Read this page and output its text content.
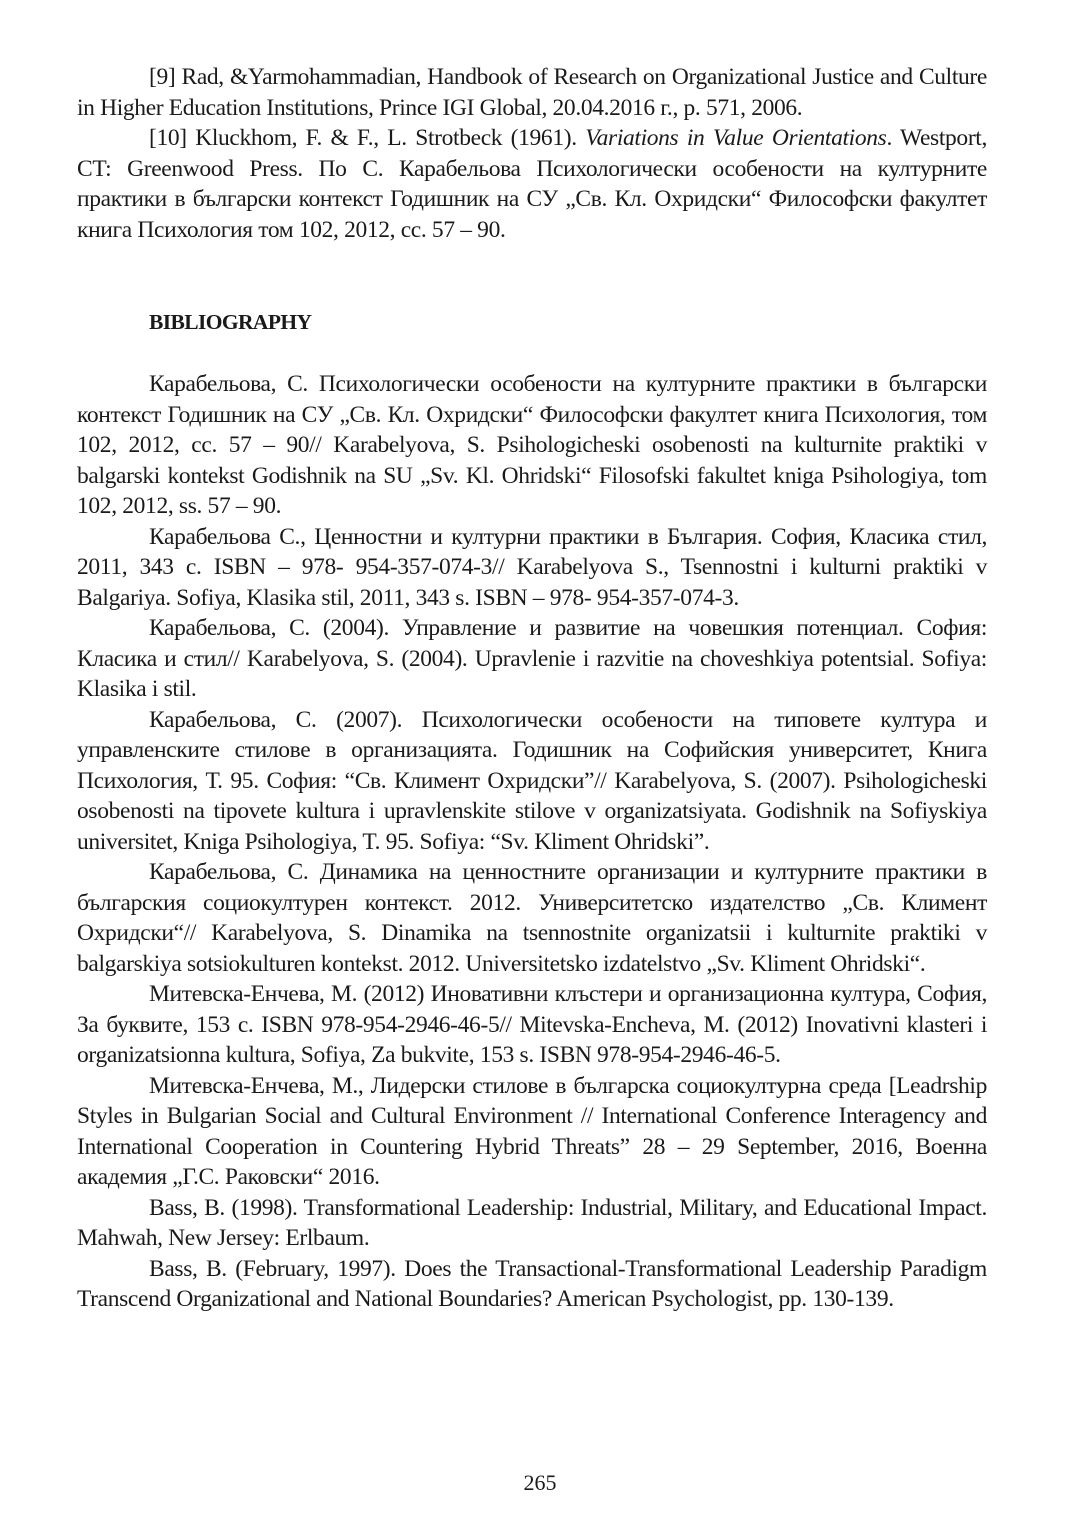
[9] Rad, &Yarmohammadian, Handbook of Research on Organizational Justice and Culture in Higher Education Institutions, Prince IGI Global, 20.04.2016 г., p. 571, 2006.

[10] Kluckhom, F. & F., L. Strotbeck (1961). Variations in Value Orientations. Westport, CT: Greenwood Press. По С. Карабельова Психологически особености на културните практики в български контекст Годишник на СУ „Св. Кл. Охридски“ Философски факултет книга Психология том 102, 2012, сс. 57 – 90.

BIBLIOGRAPHY

Карабельова, С. Психологически особености на културните практики в български контекст Годишник на СУ „Св. Кл. Охридски“ Философски факултет книга Психология, том 102, 2012, сс. 57 – 90// Karabelyova, S. Psihologicheski osobenosti na kulturnite praktiki v balgarski kontekst Godishnik na SU „Sv. Kl. Ohridski“ Filosofski fakultet kniga Psihologiya, tom 102, 2012, ss. 57 – 90.

Карабельова С., Ценностни и културни практики в България. София, Класика стил, 2011, 343 с. ISBN – 978- 954-357-074-3// Karabelyova S., Tsennostni i kulturni praktiki v Balgariya. Sofiya, Klasika stil, 2011, 343 s. ISBN – 978- 954-357-074-3.

Карабельова, С. (2004). Управление и развитие на човешкия потенциал. София: Класика и стил// Karabelyova, S. (2004). Upravlenie i razvitie na choveshkiya potentsial. Sofiya: Klasika i stil.

Карабельова, С. (2007). Психологически особености на типовете култура и управленските стилове в организацията. Годишник на Софийския университет, Книга Психология, Т. 95. София: “Св. Климент Охридски”// Karabelyova, S. (2007). Psihologicheski osobenosti na tipovete kultura i upravlenskite stilove v organizatsiyata. Godishnik na Sofiyskiya universitet, Kniga Psihologiya, T. 95. Sofiya: “Sv. Kliment Ohridski”.

Карабельова, С. Динамика на ценностните организации и културните практики в българския социокултурен контекст. 2012. Университетско издателство „Св. Климент Охридски“// Karabelyova, S. Dinamika na tsennostnite organizatsii i kulturnite praktiki v balgarskiya sotsiokulturen kontekst. 2012. Universitetsko izdatelstvo „Sv. Kliment Ohridski“.

Митевска-Енчева, М. (2012) Иновативни клъстери и организационна култура, София, За буквите, 153 с. ISBN 978-954-2946-46-5// Mitevska-Encheva, M. (2012) Inovativni klasteri i organizatsionna kultura, Sofiya, Za bukvite, 153 s. ISBN 978-954-2946-46-5.

Митевска-Енчева, М., Лидерски стилове в българска социокултурна среда [Leadrship Styles in Bulgarian Social and Cultural Environment // International Conference Interagency and International Cooperation in Countering Hybrid Threats” 28 – 29 September, 2016, Военна академия „Г.С. Раковски“ 2016.

Bass, B. (1998). Transformational Leadership: Industrial, Military, and Educational Impact. Mahwah, New Jersey: Erlbaum.

Bass, B. (February, 1997). Does the Transactional-Transformational Leadership Paradigm Transcend Organizational and National Boundaries? American Psychologist, pp. 130-139.

265
